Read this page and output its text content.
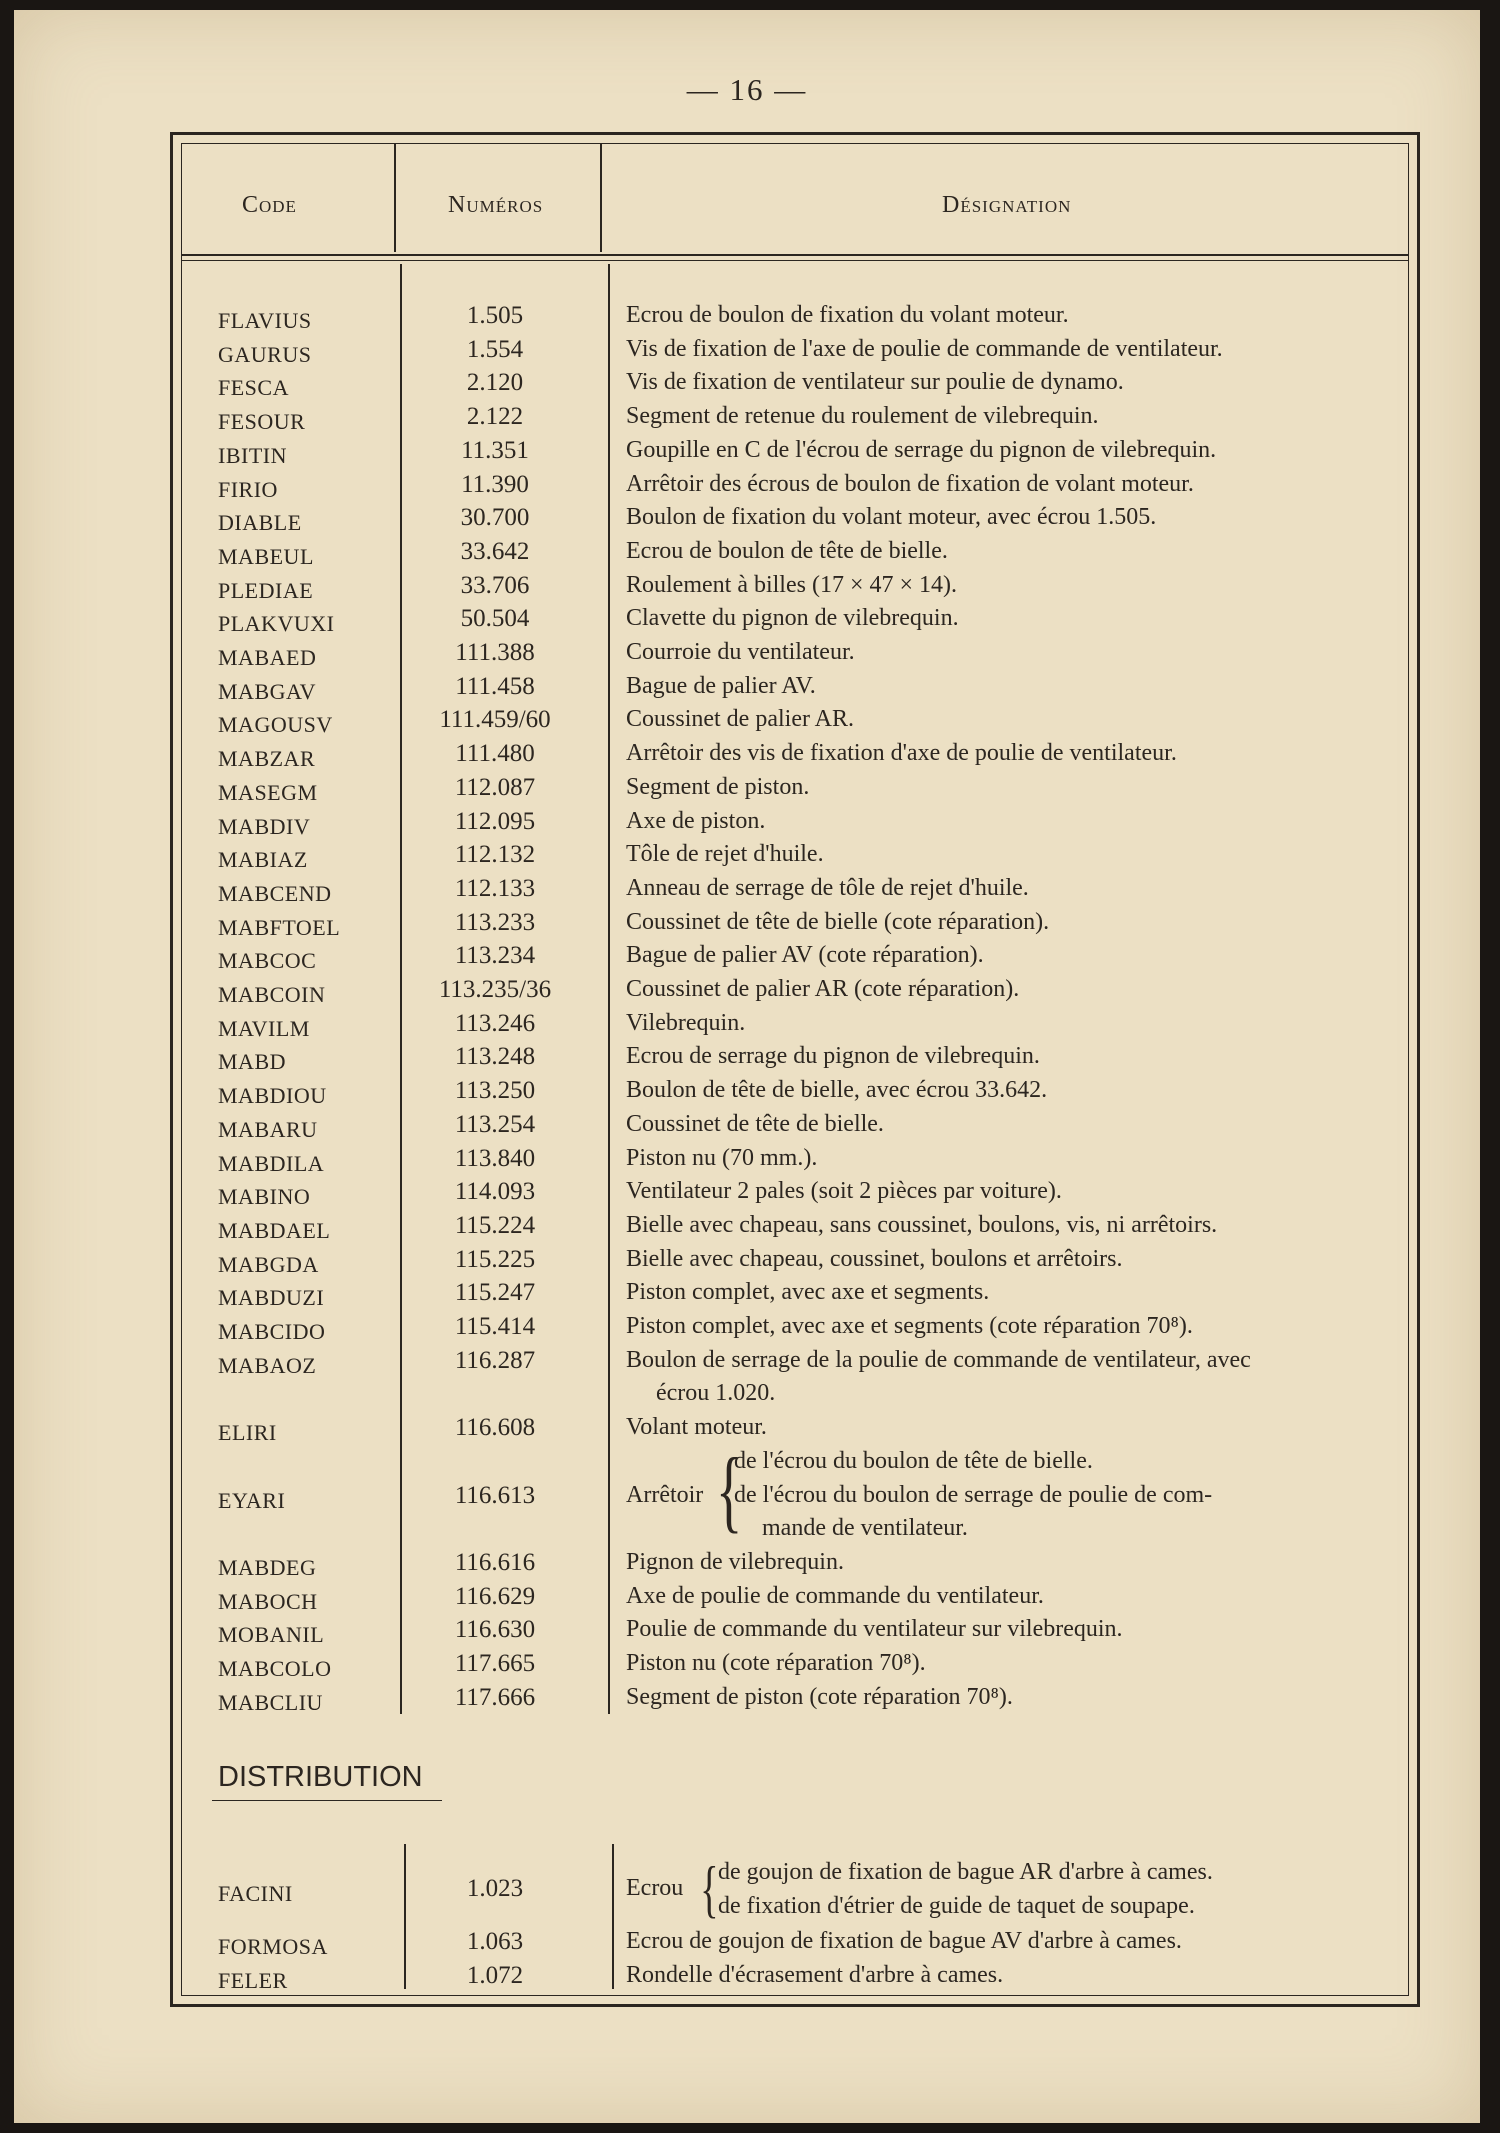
— 16 —
Code	Numéros	Désignation
DISTRIBUTION
FLAVIUS	1.505	Ecrou de boulon de fixation du volant moteur.
GAURUS	1.554	Vis de fixation de l'axe de poulie de commande de ventilateur.
FESCA	2.120	Vis de fixation de ventilateur sur poulie de dynamo.
FESOUR	2.122	Segment de retenue du roulement de vilebrequin.
IBITIN	11.351	Goupille en C de l'écrou de serrage du pignon de vilebrequin.
FIRIO	11.390	Arrêtoir des écrous de boulon de fixation de volant moteur.
DIABLE	30.700	Boulon de fixation du volant moteur, avec écrou 1.505.
MABEUL	33.642	Ecrou de boulon de tête de bielle.
PLEDIAE	33.706	Roulement à billes (17 × 47 × 14).
PLAKVUXI	50.504	Clavette du pignon de vilebrequin.
MABAED	111.388	Courroie du ventilateur.
MABGAV	111.458	Bague de palier AV.
MAGOUSV	111.459/60	Coussinet de palier AR.
MABZAR	111.480	Arrêtoir des vis de fixation d'axe de poulie de ventilateur.
MASEGM	112.087	Segment de piston.
MABDIV	112.095	Axe de piston.
MABIAZ	112.132	Tôle de rejet d'huile.
MABCEND	112.133	Anneau de serrage de tôle de rejet d'huile.
MABFTOEL	113.233	Coussinet de tête de bielle (cote réparation).
MABCOC	113.234	Bague de palier AV (cote réparation).
MABCOIN	113.235/36	Coussinet de palier AR (cote réparation).
MAVILM	113.246	Vilebrequin.
MABD	113.248	Ecrou de serrage du pignon de vilebrequin.
MABDIOU	113.250	Boulon de tête de bielle, avec écrou 33.642.
MABARU	113.254	Coussinet de tête de bielle.
MABDILA	113.840	Piston nu (70 mm.).
MABINO	114.093	Ventilateur 2 pales (soit 2 pièces par voiture).
MABDAEL	115.224	Bielle avec chapeau, sans coussinet, boulons, vis, ni arrêtoirs.
MABGDA	115.225	Bielle avec chapeau, coussinet, boulons et arrêtoirs.
MABDUZI	115.247	Piston complet, avec axe et segments.
MABCIDO	115.414	Piston complet, avec axe et segments (cote réparation 70⁸).
MABAOZ	116.287	Boulon de serrage de la poulie de commande de ventilateur, avec
écrou 1.020.
ELIRI	116.608	Volant moteur.
EYARI	116.613	Arrêtoir {
de l'écrou du boulon de tête de bielle.
de l'écrou du boulon de serrage de poulie de com-
mande de ventilateur.
MABDEG	116.616	Pignon de vilebrequin.
MABOCH	116.629	Axe de poulie de commande du ventilateur.
MOBANIL	116.630	Poulie de commande du ventilateur sur vilebrequin.
MABCOLO	117.665	Piston nu (cote réparation 70⁸).
MABCLIU	117.666	Segment de piston (cote réparation 70⁸).
FACINI	1.023	Ecrou { de goujon de fixation de bague AR d'arbre à cames.
de fixation d'étrier de guide de taquet de soupape.
FORMOSA	1.063	Ecrou de goujon de fixation de bague AV d'arbre à cames.
FELER	1.072	Rondelle d'écrasement d'arbre à cames.
